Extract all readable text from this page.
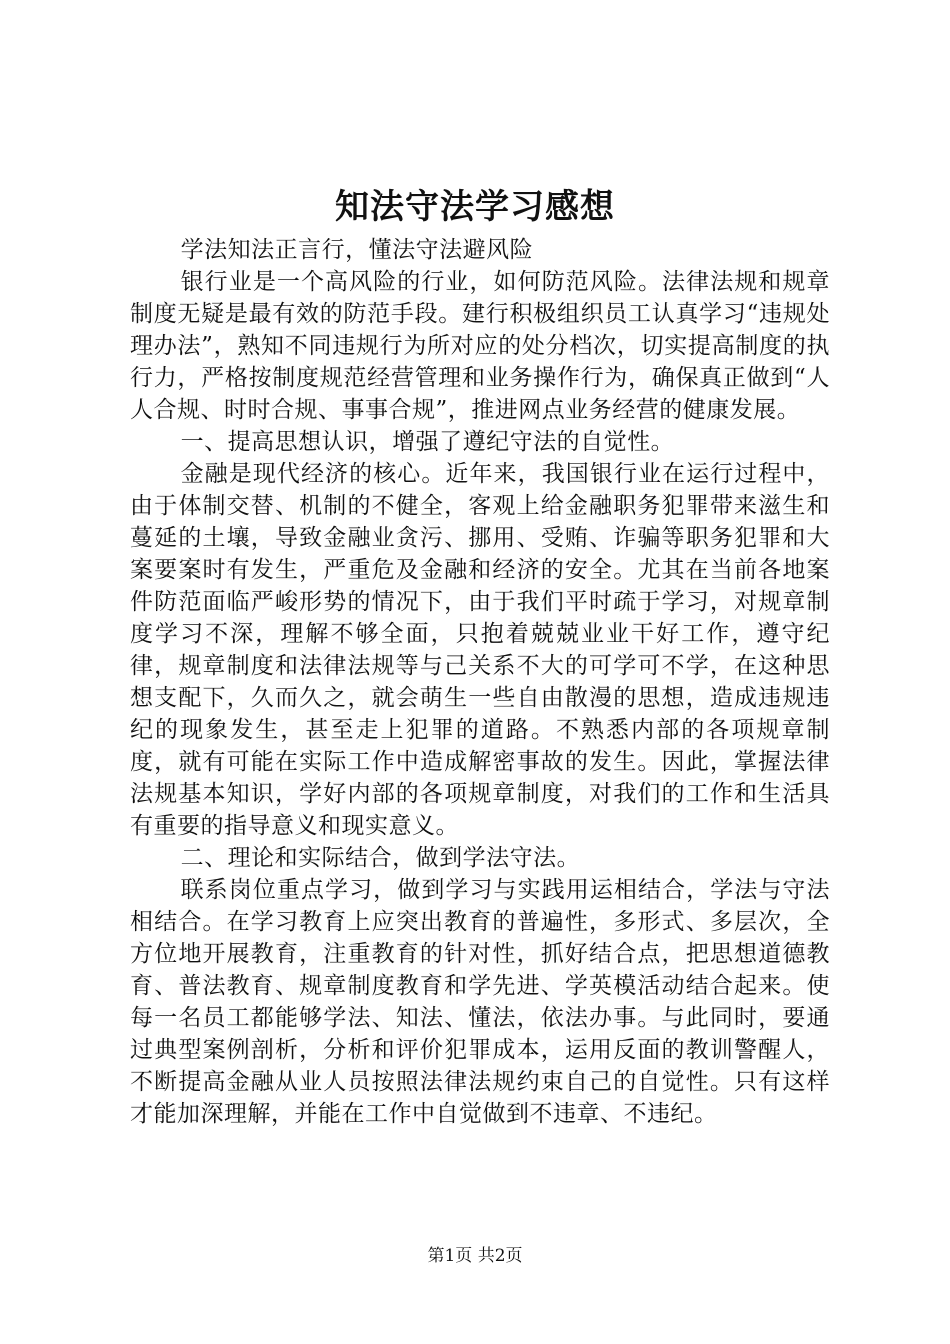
知法守法学习感想

学法知法正言行，懂法守法避风险

银行业是一个高风险的行业，如何防范风险。法律法规和规章制度无疑是最有效的防范手段。建行积极组织员工认真学习“违规处理办法”，熟知不同违规行为所对应的处分档次，切实提高制度的执行力，严格按制度规范经营管理和业务操作行为，确保真正做到“人人合规、时时合规、事事合规”，推进网点业务经营的健康发展。

一、提高思想认识，增强了遵纪守法的自觉性。

金融是现代经济的核心。近年来，我国银行业在运行过程中，由于体制交替、机制的不健全，客观上给金融职务犯罪带来滋生和蔓延的土壤，导致金融业贪污、挪用、受贿、诈骗等职务犯罪和大案要案时有发生，严重危及金融和经济的安全。尤其在当前各地案件防范面临严峻形势的情况下，由于我们平时疏于学习，对规章制度学习不深，理解不够全面，只抱着兢兢业业干好工作，遵守纪律，规章制度和法律法规等与己关系不大的可学可不学，在这种思想支配下，久而久之，就会萌生一些自由散漫的思想，造成违规违纪的现象发生，甚至走上犯罪的道路。不熟悉内部的各项规章制度，就有可能在实际工作中造成解密事故的发生。因此，掌握法律法规基本知识，学好内部的各项规章制度，对我们的工作和生活具有重要的指导意义和现实意义。

二、理论和实际结合，做到学法守法。

联系岗位重点学习，做到学习与实践用运相结合，学法与守法相结合。在学习教育上应突出教育的普遍性，多形式、多层次，全方位地开展教育，注重教育的针对性，抓好结合点，把思想道德教育、普法教育、规章制度教育和学先进、学英模活动结合起来。使每一名员工都能够学法、知法、懂法，依法办事。与此同时，要通过典型案例剖析，分析和评价犯罪成本，运用反面的教训警醒人，不断提高金融从业人员按照法律法规约束自己的自觉性。只有这样才能加深理解，并能在工作中自觉做到不违章、不违纪。

第1页 共2页
